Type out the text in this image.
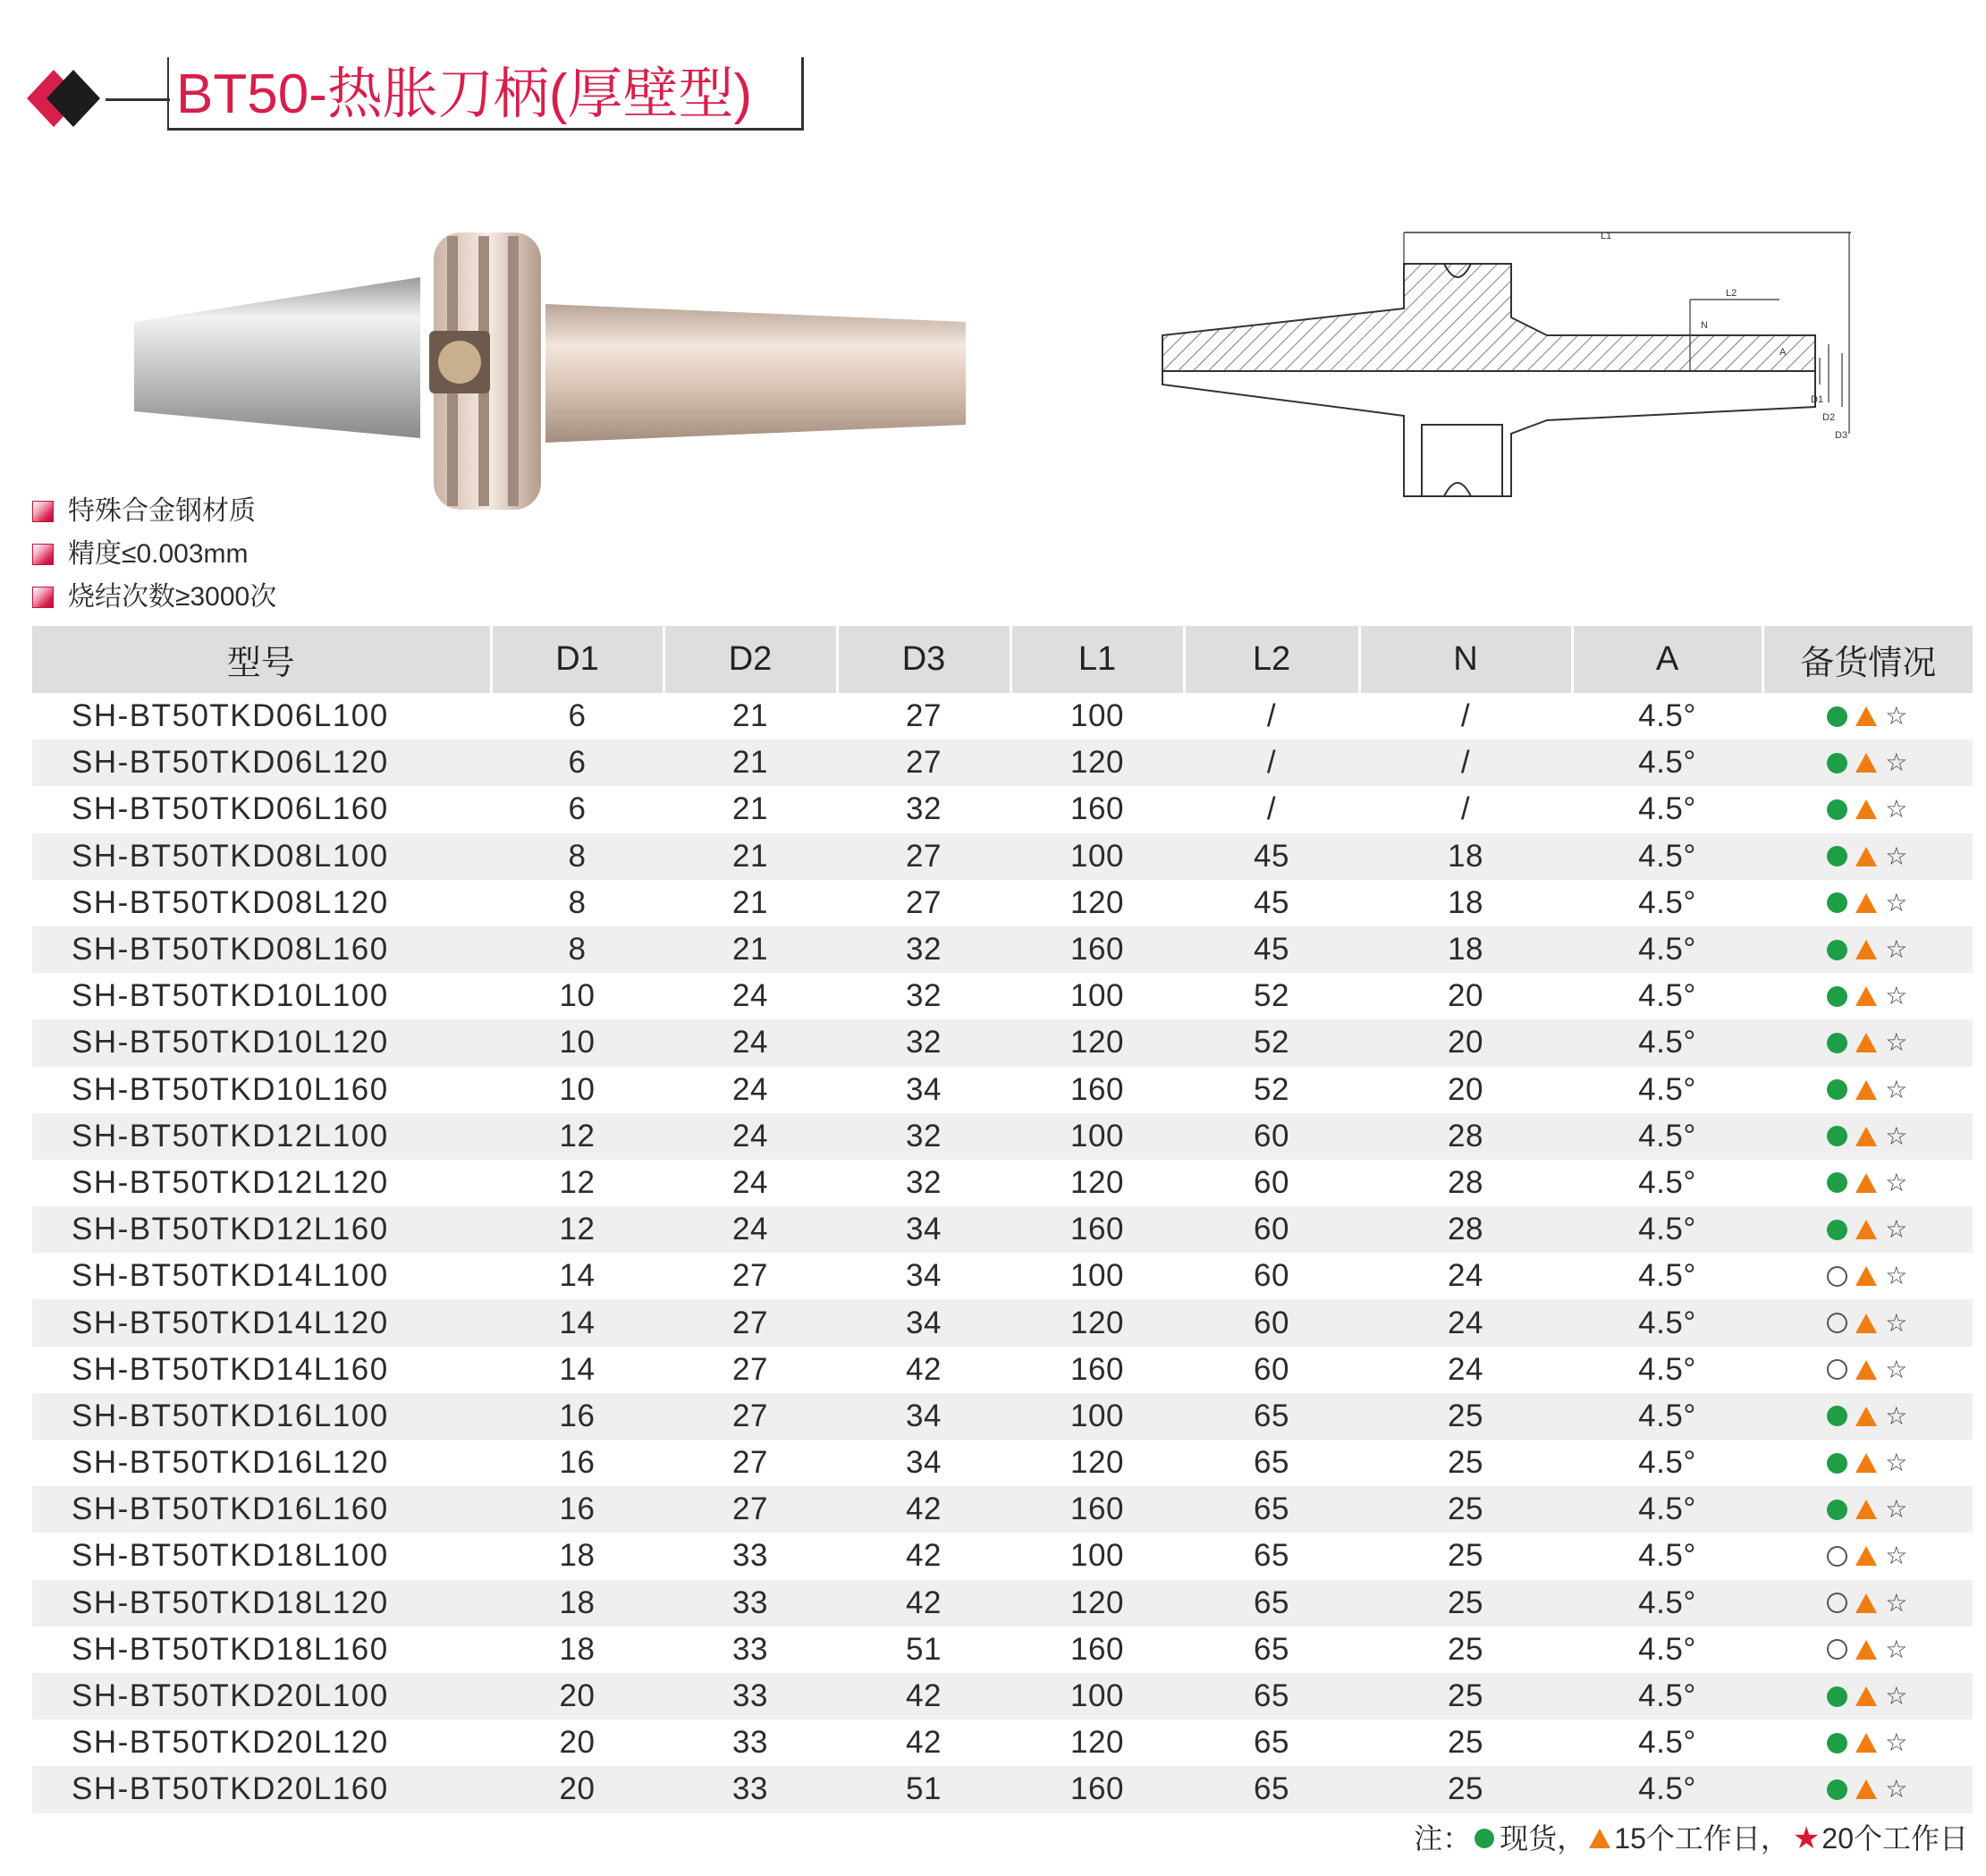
BT50-热胀刀柄(厚壁型)
L1
L2
N
A
D1
D2
D3
特殊合金钢材质
精度≤0.003mm
烧结次数≥3000次
型号	D1	D2	D3	L1	L2	N	A	备货情况
SH-BT50TKD06L100	6	21	27	100	/	/	4.5°	☆

SH-BT50TKD06L120	6	21	27	120	/	/	4.5°	☆

SH-BT50TKD06L160	6	21	32	160	/	/	4.5°	☆

SH-BT50TKD08L100	8	21	27	100	45	18	4.5°	☆

SH-BT50TKD08L120	8	21	27	120	45	18	4.5°	☆

SH-BT50TKD08L160	8	21	32	160	45	18	4.5°	☆

SH-BT50TKD10L100	10	24	32	100	52	20	4.5°	☆

SH-BT50TKD10L120	10	24	32	120	52	20	4.5°	☆

SH-BT50TKD10L160	10	24	34	160	52	20	4.5°	☆

SH-BT50TKD12L100	12	24	32	100	60	28	4.5°	☆

SH-BT50TKD12L120	12	24	32	120	60	28	4.5°	☆

SH-BT50TKD12L160	12	24	34	160	60	28	4.5°	☆

SH-BT50TKD14L100	14	27	34	100	60	24	4.5°	☆

SH-BT50TKD14L120	14	27	34	120	60	24	4.5°	☆

SH-BT50TKD14L160	14	27	42	160	60	24	4.5°	☆

SH-BT50TKD16L100	16	27	34	100	65	25	4.5°	☆

SH-BT50TKD16L120	16	27	34	120	65	25	4.5°	☆

SH-BT50TKD16L160	16	27	42	160	65	25	4.5°	☆

SH-BT50TKD18L100	18	33	42	100	65	25	4.5°	☆

SH-BT50TKD18L120	18	33	42	120	65	25	4.5°	☆

SH-BT50TKD18L160	18	33	51	160	65	25	4.5°	☆

SH-BT50TKD20L100	20	33	42	100	65	25	4.5°	☆

SH-BT50TKD20L120	20	33	42	120	65	25	4.5°	☆

SH-BT50TKD20L160	20	33	51	160	65	25	4.5°	☆
注： 现货， 15个工作日， ★ 20个工作日
